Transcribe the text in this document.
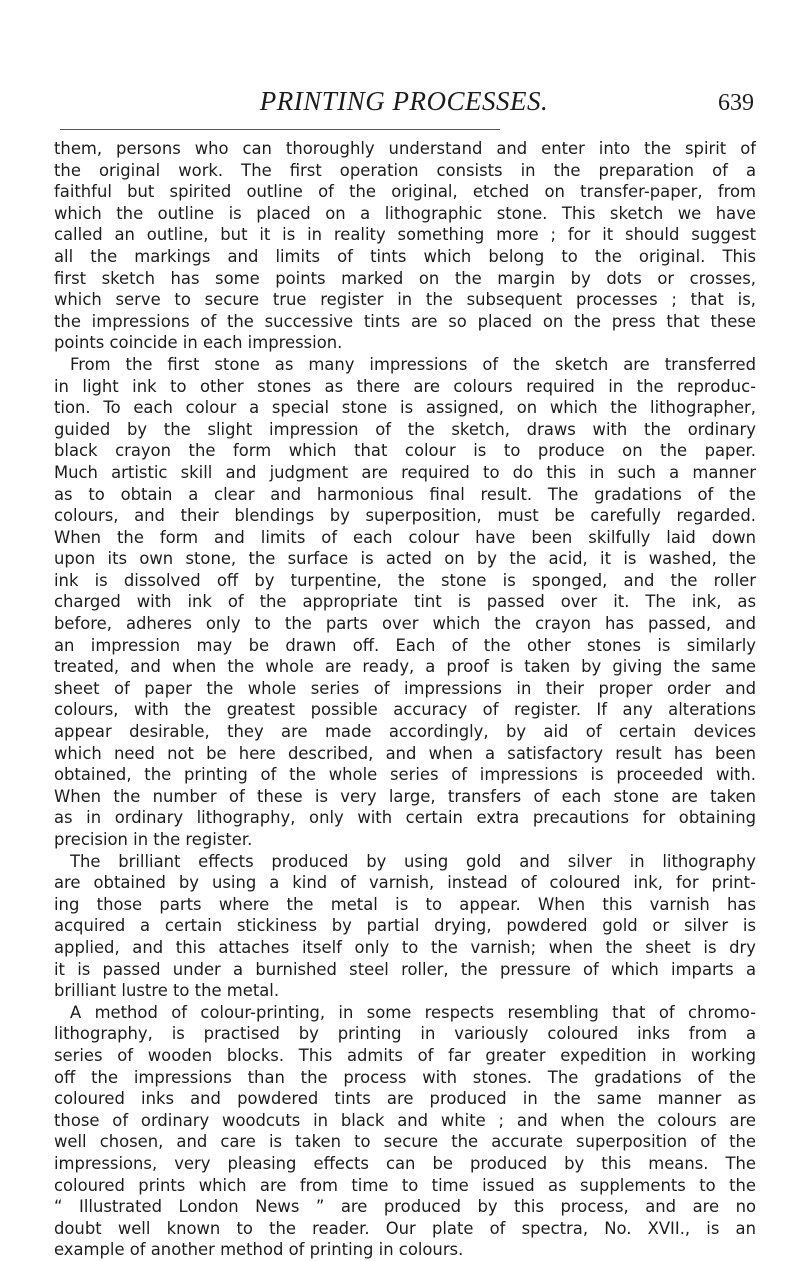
PRINTING PROCESSES.	639
them, persons who can thoroughly understand and enter into the spirit of
the original work. The first operation consists in the preparation of a
faithful but spirited outline of the original, etched on transfer-paper, from
which the outline is placed on a lithographic stone. This sketch we have
called an outline, but it is in reality something more ; for it should suggest
all the markings and limits of tints which belong to the original. This
first sketch has some points marked on the margin by dots or crosses,
which serve to secure true register in the subsequent processes ; that is,
the impressions of the successive tints are so placed on the press that these
points coincide in each impression.
From the first stone as many impressions of the sketch are transferred
in light ink to other stones as there are colours required in the reproduc-
tion. To each colour a special stone is assigned, on which the lithographer,
guided by the slight impression of the sketch, draws with the ordinary
black crayon the form which that colour is to produce on the paper.
Much artistic skill and judgment are required to do this in such a manner
as to obtain a clear and harmonious final result. The gradations of the
colours, and their blendings by superposition, must be carefully regarded.
When the form and limits of each colour have been skilfully laid down
upon its own stone, the surface is acted on by the acid, it is washed, the
ink is dissolved off by turpentine, the stone is sponged, and the roller
charged with ink of the appropriate tint is passed over it. The ink, as
before, adheres only to the parts over which the crayon has passed, and
an impression may be drawn off. Each of the other stones is similarly
treated, and when the whole are ready, a proof is taken by giving the same
sheet of paper the whole series of impressions in their proper order and
colours, with the greatest possible accuracy of register. If any alterations
appear desirable, they are made accordingly, by aid of certain devices
which need not be here described, and when a satisfactory result has been
obtained, the printing of the whole series of impressions is proceeded with.
When the number of these is very large, transfers of each stone are taken
as in ordinary lithography, only with certain extra precautions for obtaining
precision in the register.
The brilliant effects produced by using gold and silver in lithography
are obtained by using a kind of varnish, instead of coloured ink, for print-
ing those parts where the metal is to appear. When this varnish has
acquired a certain stickiness by partial drying, powdered gold or silver is
applied, and this attaches itself only to the varnish; when the sheet is dry
it is passed under a burnished steel roller, the pressure of which imparts a
brilliant lustre to the metal.
A method of colour-printing, in some respects resembling that of chromo-
lithography, is practised by printing in variously coloured inks from a
series of wooden blocks. This admits of far greater expedition in working
off the impressions than the process with stones. The gradations of the
coloured inks and powdered tints are produced in the same manner as
those of ordinary woodcuts in black and white ; and when the colours are
well chosen, and care is taken to secure the accurate superposition of the
impressions, very pleasing effects can be produced by this means. The
coloured prints which are from time to time issued as supplements to the
“ Illustrated London News ” are produced by this process, and are no
doubt well known to the reader. Our plate of spectra, No. XVII., is an
example of another method of printing in colours.
